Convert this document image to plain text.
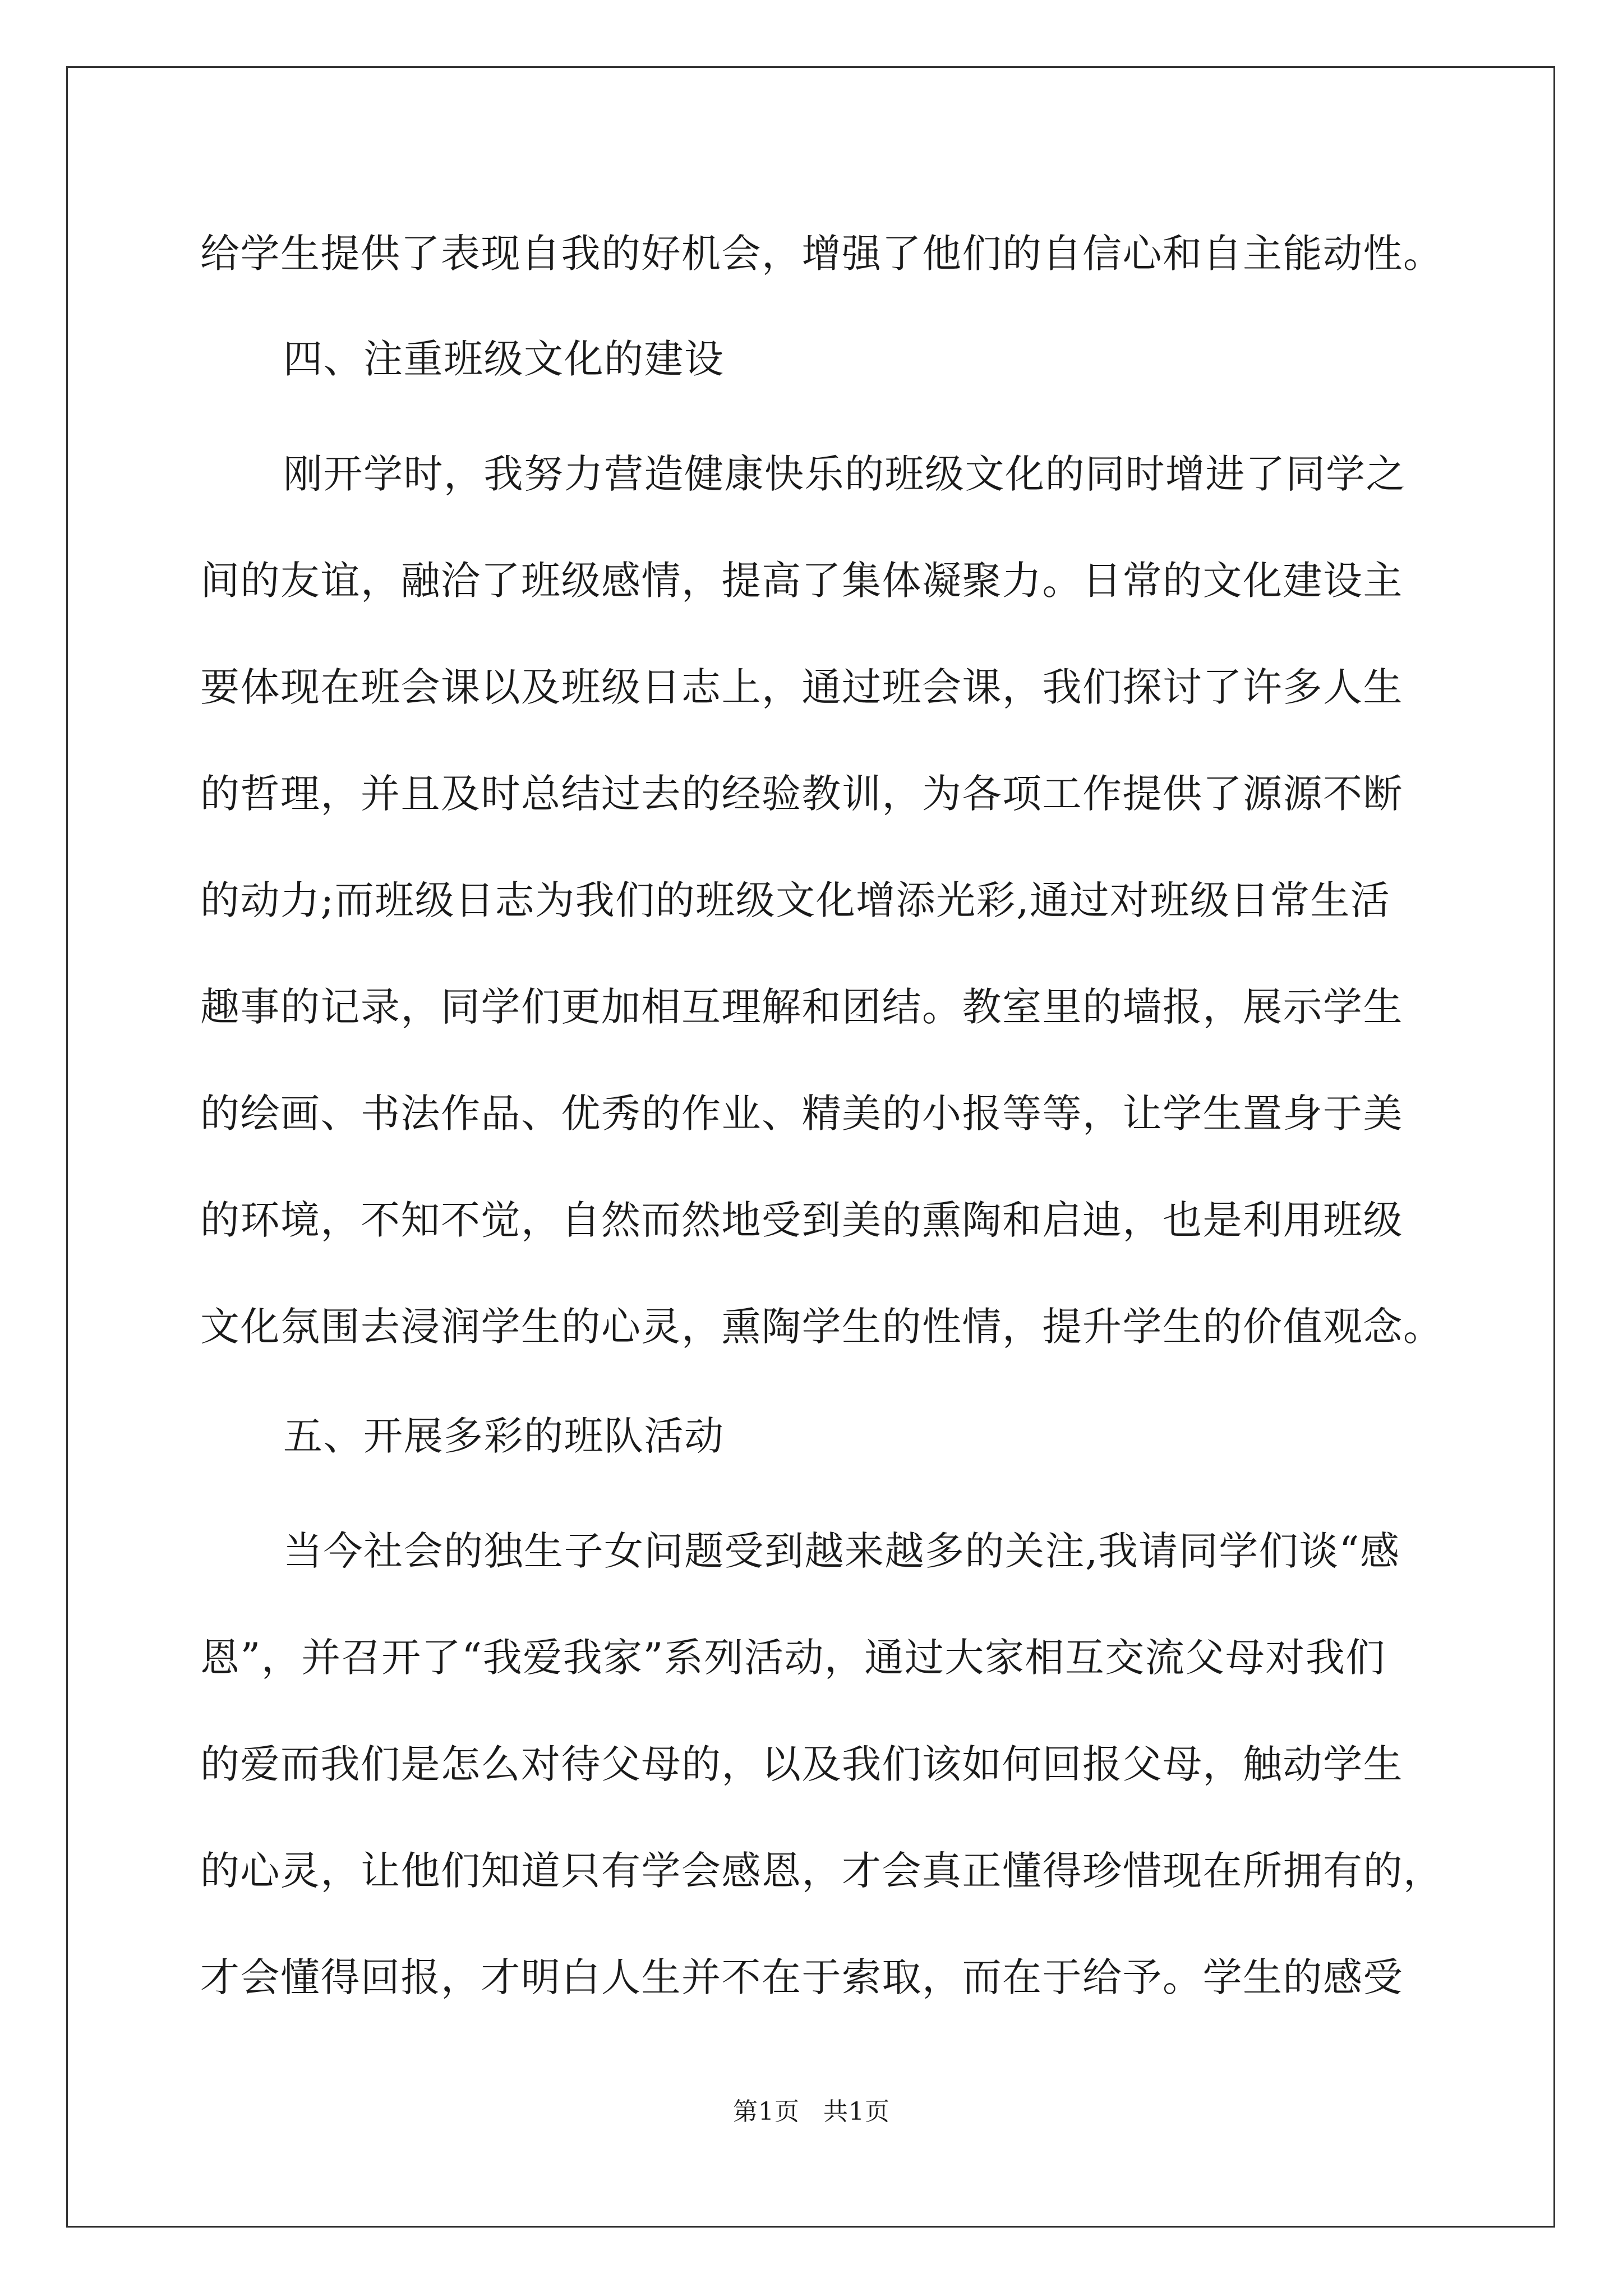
给学生提供了表现自我的好机会，增强了他们的自信心和自主能动性。

四、注重班级文化的建设

刚开学时，我努力营造健康快乐的班级文化的同时增进了同学之

间的友谊，融洽了班级感情，提高了集体凝聚力。日常的文化建设主

要体现在班会课以及班级日志上，通过班会课，我们探讨了许多人生

的哲理，并且及时总结过去的经验教训，为各项工作提供了源源不断

的动力;而班级日志为我们的班级文化增添光彩,通过对班级日常生活

趣事的记录，同学们更加相互理解和团结。教室里的墙报，展示学生

的绘画、书法作品、优秀的作业、精美的小报等等，让学生置身于美

的环境，不知不觉，自然而然地受到美的熏陶和启迪，也是利用班级

文化氛围去浸润学生的心灵，熏陶学生的性情，提升学生的价值观念。

五、开展多彩的班队活动

当今社会的独生子女问题受到越来越多的关注,我请同学们谈“感

恩”，并召开了“我爱我家”系列活动，通过大家相互交流父母对我们

的爱而我们是怎么对待父母的，以及我们该如何回报父母，触动学生

的心灵，让他们知道只有学会感恩，才会真正懂得珍惜现在所拥有的，

才会懂得回报，才明白人生并不在于索取，而在于给予。学生的感受

第1页 共1页
